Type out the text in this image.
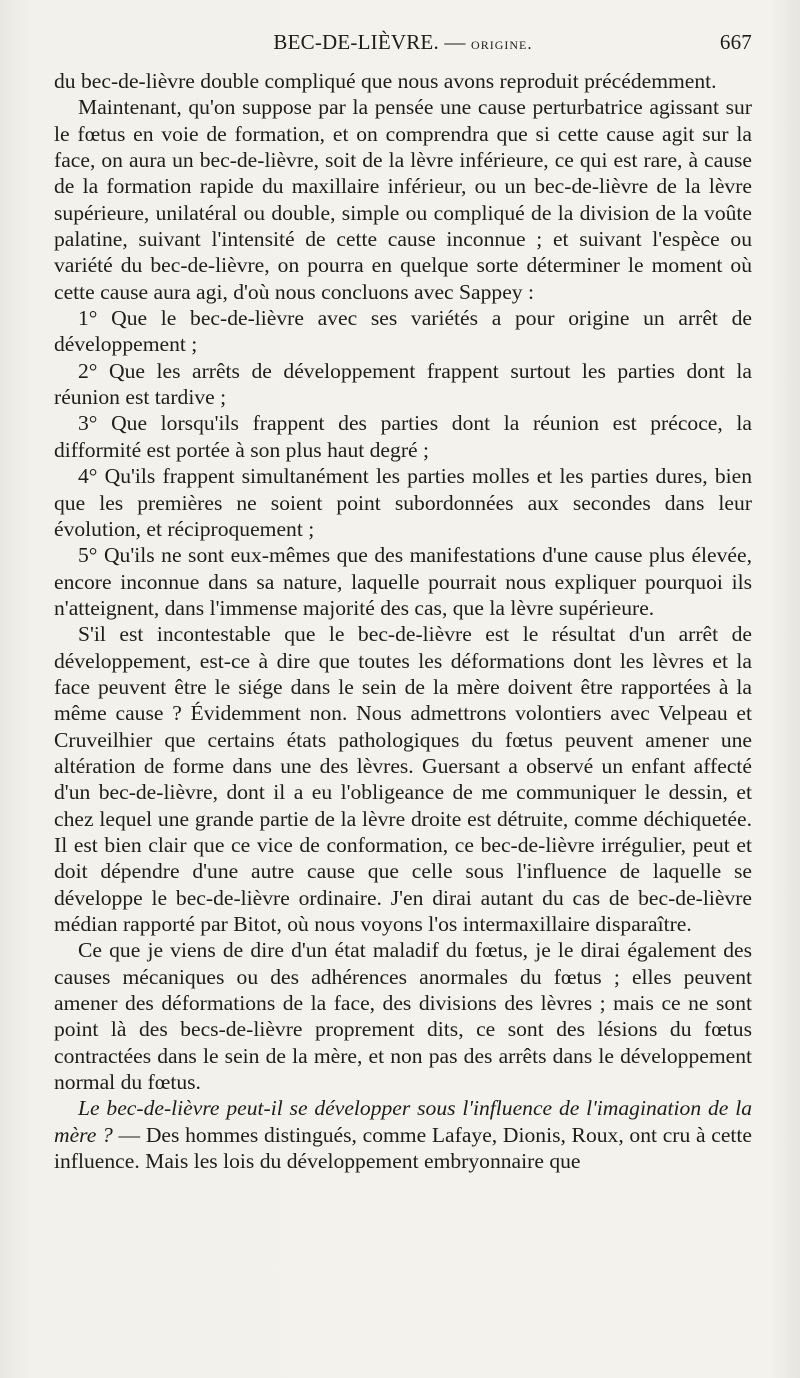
BEC-DE-LIÈVRE. — origine.	667

du bec-de-lièvre double compliqué que nous avons reproduit précédemment.

Maintenant, qu'on suppose par la pensée une cause perturbatrice agissant sur le fœtus en voie de formation, et on comprendra que si cette cause agit sur la face, on aura un bec-de-lièvre, soit de la lèvre inférieure, ce qui est rare, à cause de la formation rapide du maxillaire inférieur, ou un bec-de-lièvre de la lèvre supérieure, unilatéral ou double, simple ou compliqué de la division de la voûte palatine, suivant l'intensité de cette cause inconnue ; et suivant l'espèce ou variété du bec-de-lièvre, on pourra en quelque sorte déterminer le moment où cette cause aura agi, d'où nous concluons avec Sappey :

1° Que le bec-de-lièvre avec ses variétés a pour origine un arrêt de développement ;

2° Que les arrêts de développement frappent surtout les parties dont la réunion est tardive ;

3° Que lorsqu'ils frappent des parties dont la réunion est précoce, la difformité est portée à son plus haut degré ;

4° Qu'ils frappent simultanément les parties molles et les parties dures, bien que les premières ne soient point subordonnées aux secondes dans leur évolution, et réciproquement ;

5° Qu'ils ne sont eux-mêmes que des manifestations d'une cause plus élevée, encore inconnue dans sa nature, laquelle pourrait nous expliquer pourquoi ils n'atteignent, dans l'immense majorité des cas, que la lèvre supérieure.

S'il est incontestable que le bec-de-lièvre est le résultat d'un arrêt de développement, est-ce à dire que toutes les déformations dont les lèvres et la face peuvent être le siége dans le sein de la mère doivent être rapportées à la même cause ? Évidemment non. Nous admettrons volontiers avec Velpeau et Cruveilhier que certains états pathologiques du fœtus peuvent amener une altération de forme dans une des lèvres. Guersant a observé un enfant affecté d'un bec-de-lièvre, dont il a eu l'obligeance de me communiquer le dessin, et chez lequel une grande partie de la lèvre droite est détruite, comme déchiquetée. Il est bien clair que ce vice de conformation, ce bec-de-lièvre irrégulier, peut et doit dépendre d'une autre cause que celle sous l'influence de laquelle se développe le bec-de-lièvre ordinaire. J'en dirai autant du cas de bec-de-lièvre médian rapporté par Bitot, où nous voyons l'os intermaxillaire disparaître.

Ce que je viens de dire d'un état maladif du fœtus, je le dirai également des causes mécaniques ou des adhérences anormales du fœtus ; elles peuvent amener des déformations de la face, des divisions des lèvres ; mais ce ne sont point là des becs-de-lièvre proprement dits, ce sont des lésions du fœtus contractées dans le sein de la mère, et non pas des arrêts dans le développement normal du fœtus.

Le bec-de-lièvre peut-il se développer sous l'influence de l'imagination de la mère ? — Des hommes distingués, comme Lafaye, Dionis, Roux, ont cru à cette influence. Mais les lois du développement embryonnaire que
